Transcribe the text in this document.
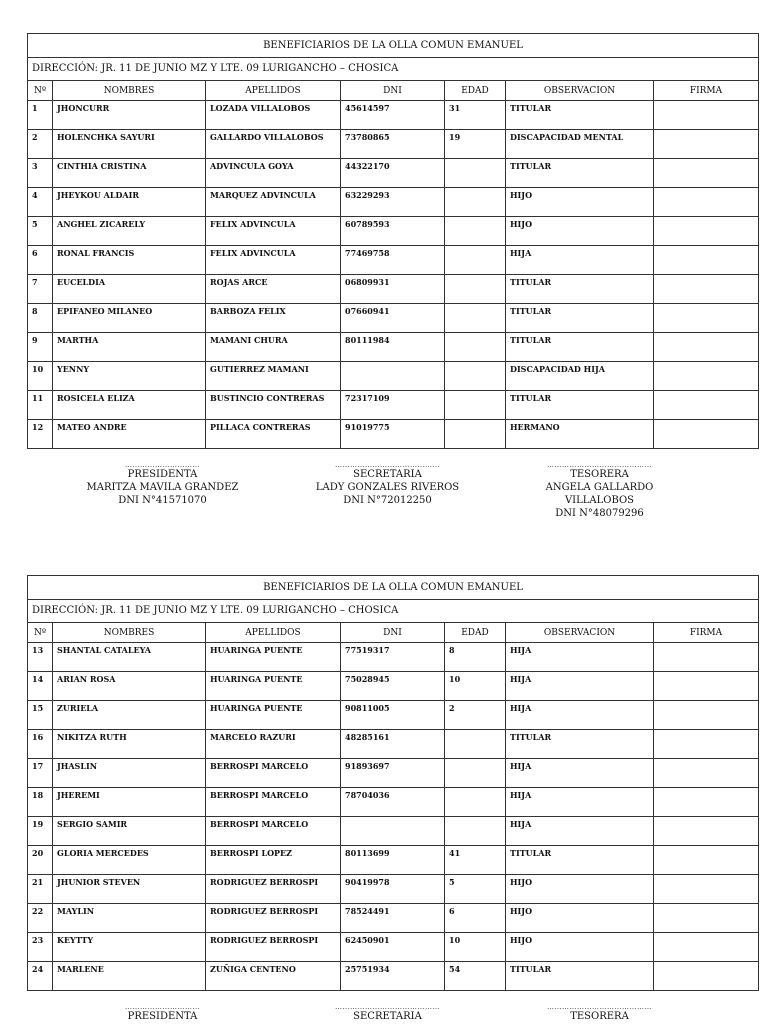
BENEFICIARIOS DE LA OLLA COMUN EMANUEL						
DIRECCIÓN: JR. 11 DE JUNIO MZ Y LTE. 09 LURIGANCHO – CHOSICA						
Nº	NOMBRES	APELLIDOS	DNI	EDAD	OBSERVACION	FIRMA
1	JHONCURR	LOZADA VILLALOBOS	45614597	31	TITULAR	
2	HOLENCHKA SAYURI	GALLARDO VILLALOBOS	73780865	19	DISCAPACIDAD MENTAL	
3	CINTHIA CRISTINA	ADVINCULA GOYA	44322170		TITULAR	
4	JHEYKOU ALDAIR	MARQUEZ ADVINCULA	63229293		HIJO	
5	ANGHEL ZICARELY	FELIX ADVINCULA	60789593		HIJO	
6	RONAL FRANCIS	FELIX ADVINCULA	77469758		HIJA	
7	EUCELDIA	ROJAS ARCE	06809931		TITULAR	
8	EPIFANEO MILANEO	BARBOZA FELIX	07660941		TITULAR	
9	MARTHA	MAMANI CHURA	80111984		TITULAR	
10	YENNY	GUTIERREZ MAMANI			DISCAPACIDAD HIJA	
11	ROSICELA ELIZA	BUSTINCIO CONTRERAS	72317109		TITULAR	
12	MATEO ANDRE	PILLACA CONTRERAS	91019775		HERMANO	
…………………………
PRESIDENTA
MARITZA MAVILA GRANDEZ
DNI N°41571070
……………………………………
SECRETARIA
LADY GONZALES RIVEROS
DNI N°72012250
……………………………………
TESORERA
ANGELA GALLARDO VILLALOBOS
DNI N°48079296
BENEFICIARIOS DE LA OLLA COMUN EMANUEL						
DIRECCIÓN: JR. 11 DE JUNIO MZ Y LTE. 09 LURIGANCHO – CHOSICA						
Nº	NOMBRES	APELLIDOS	DNI	EDAD	OBSERVACION	FIRMA
13	SHANTAL CATALEYA	HUARINGA PUENTE	77519317	8	HIJA	
14	ARIAN ROSA	HUARINGA PUENTE	75028945	10	HIJA	
15	ZURIELA	HUARINGA PUENTE	90811005	2	HIJA	
16	NIKITZA RUTH	MARCELO RAZURI	48285161		TITULAR	
17	JHASLIN	BERROSPI MARCELO	91893697		HIJA	
18	JHEREMI	BERROSPI MARCELO	78704036		HIJA	
19	SERGIO SAMIR	BERROSPI MARCELO			HIJA	
20	GLORIA MERCEDES	BERROSPI LOPEZ	80113699	41	TITULAR	
21	JHUNIOR STEVEN	RODRIGUEZ BERROSPI	90419978	5	HIJO	
22	MAYLIN	RODRIGUEZ BERROSPI	78524491	6	HIJO	
23	KEYTTY	RODRIGUEZ BERROSPI	62450901	10	HIJO	
24	MARLENE	ZUÑIGA CENTENO	25751934	54	TITULAR	
…………………………
PRESIDENTA
……………………………………
SECRETARIA
……………………………………
TESORERA
